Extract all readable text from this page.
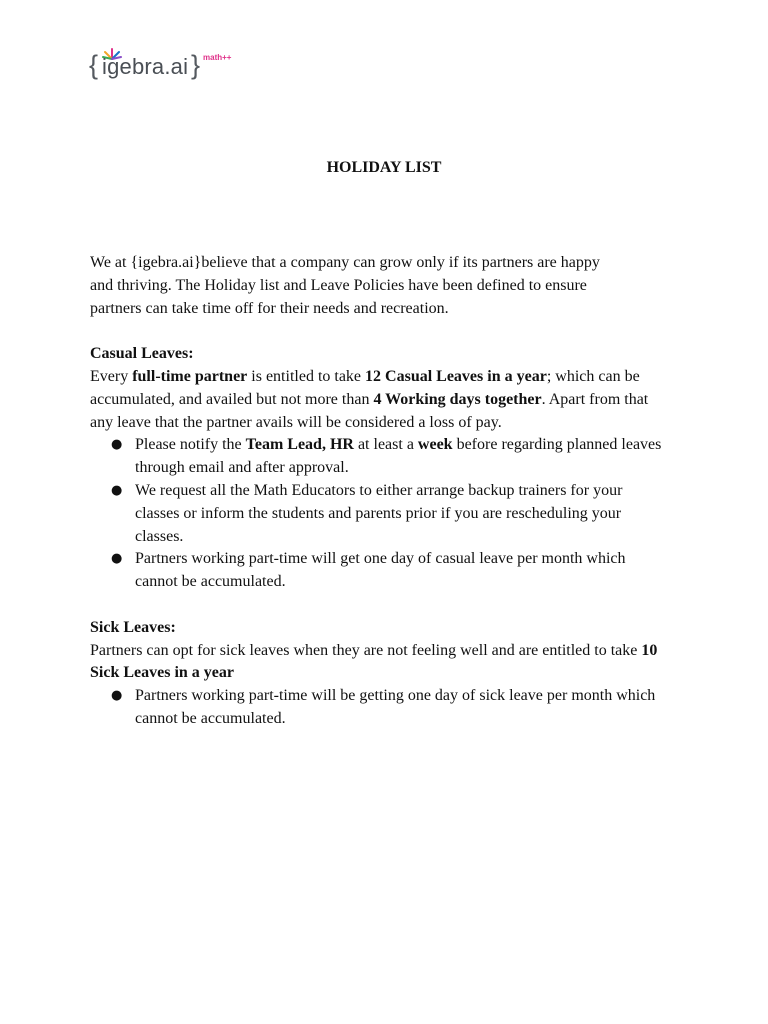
{ igebra.ai } math++
HOLIDAY LIST

We at {igebra.ai}believe that a company can grow only if its partners are happy
and thriving. The Holiday list and Leave Policies have been defined to ensure
partners can take time off for their needs and recreation.

Casual Leaves:

Every full-time partner is entitled to take 12 Casual Leaves in a year; which can be accumulated, and availed but not more than 4 Working days together. Apart from that any leave that the partner avails will be considered a loss of pay.

● Please notify the Team Lead, HR at least a week before regarding planned leaves through email and after approval.
● We request all the Math Educators to either arrange backup trainers for your classes or inform the students and parents prior if you are rescheduling your classes.
● Partners working part-time will get one day of casual leave per month which cannot be accumulated.

Sick Leaves:

Partners can opt for sick leaves when they are not feeling well and are entitled to take 10 Sick Leaves in a year

● Partners working part-time will be getting one day of sick leave per month which cannot be accumulated.
